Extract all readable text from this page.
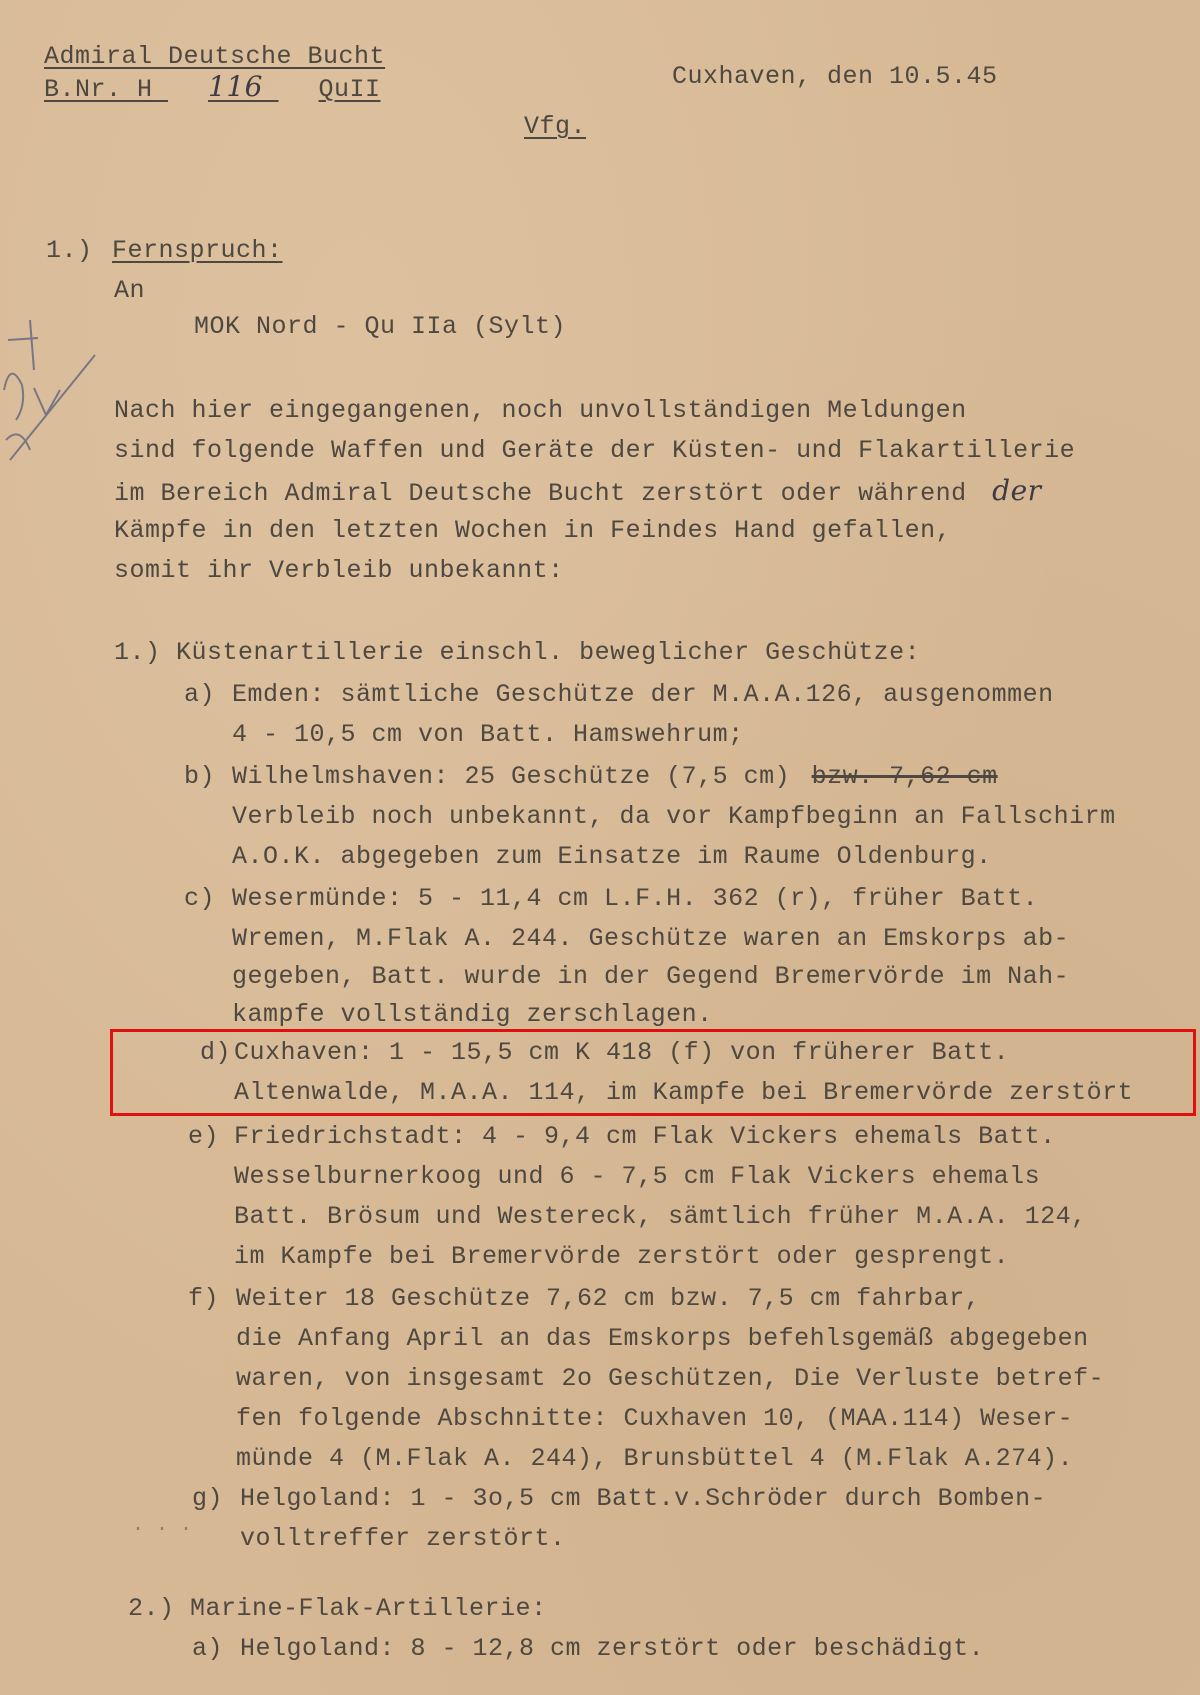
Admiral Deutsche Bucht
B.Nr. H 116 QuII	Cuxhaven, den 10.5.45
Vfg.
1.) Fernspruch:
An
MOK Nord - Qu IIa (Sylt)
Nach hier eingegangenen, noch unvollständigen Meldungen
sind folgende Waffen und Geräte der Küsten- und Flakartillerie
im Bereich Admiral Deutsche Bucht zerstört oder während der
Kämpfe in den letzten Wochen in Feindes Hand gefallen,
somit ihr Verbleib unbekannt:
1.) Küstenartillerie einschl. beweglicher Geschütze:
a) Emden: sämtliche Geschütze der M.A.A.126, ausgenommen
4 - 10,5 cm von Batt. Hamswehrum;
b) Wilhelmshaven: 25 Geschütze (7,5 cm) bzw. 7,62 cm
Verbleib noch unbekannt, da vor Kampfbeginn an Fallschirm
A.O.K. abgegeben zum Einsatze im Raume Oldenburg.
c) Wesermünde: 5 - 11,4 cm L.F.H. 362 (r), früher Batt.
Wremen, M.Flak A. 244. Geschütze waren an Emskorps ab-
gegeben, Batt. wurde in der Gegend Bremervörde im Nah-
kampfe vollständig zerschlagen.
d) Cuxhaven: 1 - 15,5 cm K 418 (f) von früherer Batt.
Altenwalde, M.A.A. 114, im Kampfe bei Bremervörde zerstört
e) Friedrichstadt: 4 - 9,4 cm Flak Vickers ehemals Batt.
Wesselburnerkoog und 6 - 7,5 cm Flak Vickers ehemals
Batt. Brösum und Westereck, sämtlich früher M.A.A. 124,
im Kampfe bei Bremervörde zerstört oder gesprengt.
f) Weiter 18 Geschütze 7,62 cm bzw. 7,5 cm fahrbar,
die Anfang April an das Emskorps befehlsgemäß abgegeben
waren, von insgesamt 2o Geschützen, Die Verluste betref-
fen folgende Abschnitte: Cuxhaven 10, (MAA.114) Weser-
münde 4 (M.Flak A. 244), Brunsbüttel 4 (M.Flak A.274).
g) Helgoland: 1 - 3o,5 cm Batt.v.Schröder durch Bomben-
volltreffer zerstört.
· · ·
2.) Marine-Flak-Artillerie:
a) Helgoland: 8 - 12,8 cm zerstört oder beschädigt.
